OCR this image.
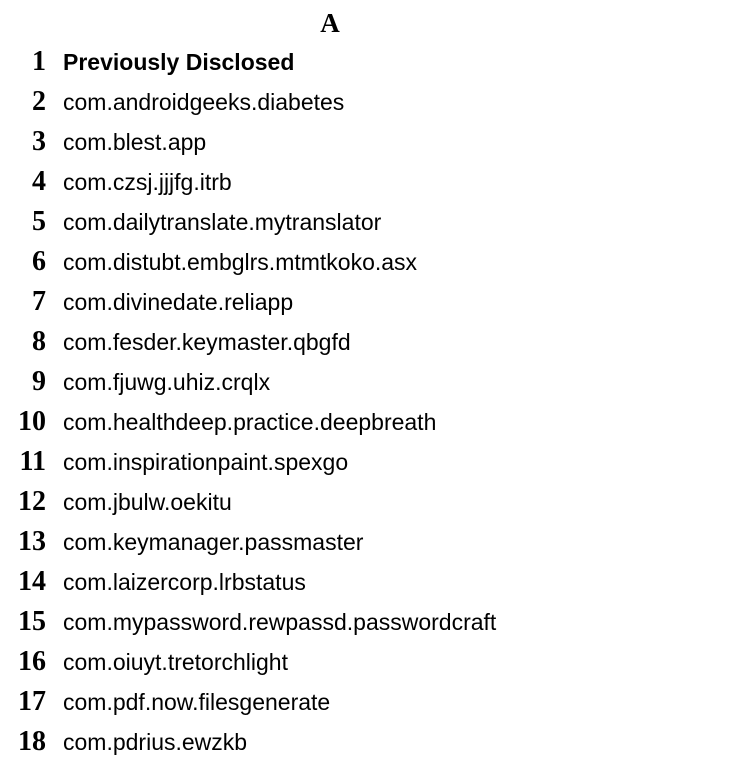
A
1 Previously Disclosed
2 com.androidgeeks.diabetes
3 com.blest.app
4 com.czsj.jjjfg.itrb
5 com.dailytranslate.mytranslator
6 com.distubt.embglrs.mtmtkoko.asx
7 com.divinedate.reliapp
8 com.fesder.keymaster.qbgfd
9 com.fjuwg.uhiz.crqlx
10 com.healthdeep.practice.deepbreath
11 com.inspirationpaint.spexgo
12 com.jbulw.oekitu
13 com.keymanager.passmaster
14 com.laizercorp.lrbstatus
15 com.mypassword.rewpassd.passwordcraft
16 com.oiuyt.tretorchlight
17 com.pdf.now.filesgenerate
18 com.pdrius.ewzkb
